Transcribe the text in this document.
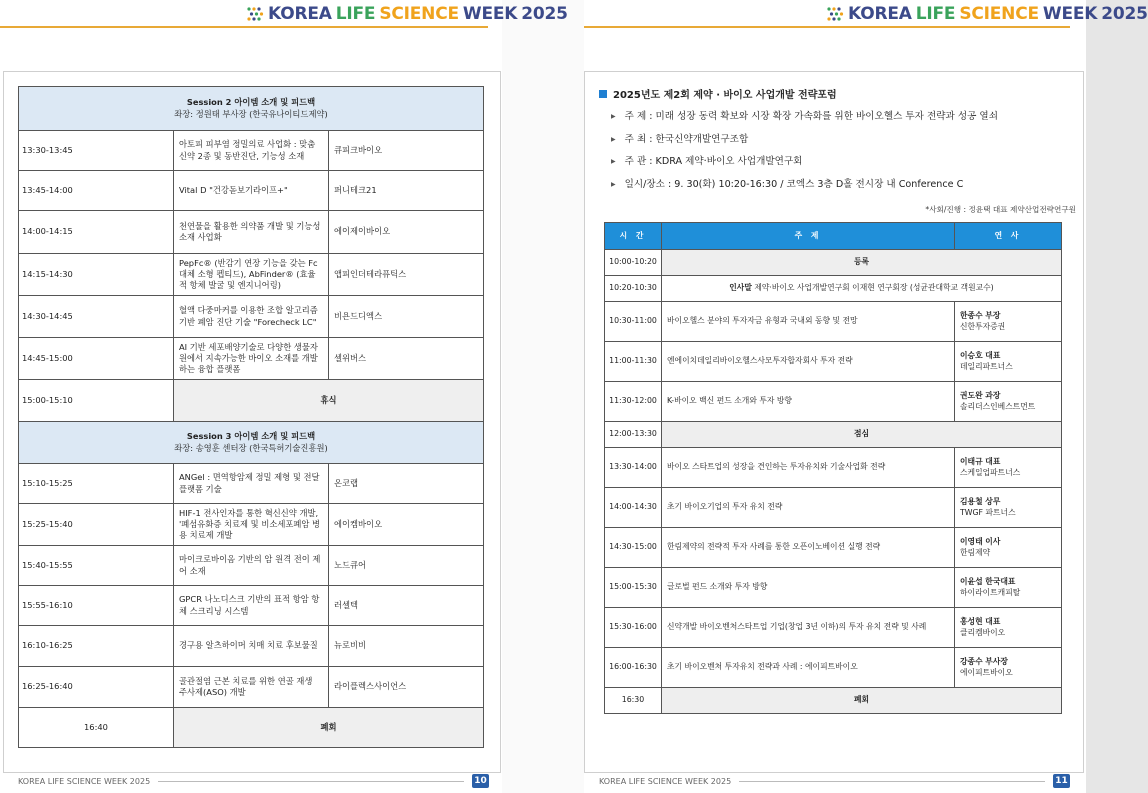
KOREA LIFE SCIENCE WEEK 2025
Session 2 아이템 소개 및 피드백
좌장: 정원태 부사장 (한국유나이티드제약)		

13:30-13:45	아토피 피부염 정밀의료 사업화 : 맞춤신약 2종 및 동반진단, 기능성 소재	큐피크바이오
13:45-14:00	Vital D "건강돋보기라이프+"	퍼니테크21
14:00-14:15	천연물을 활용한 의약품 개발 및 기능성 소재 사업화	에이제이바이오
14:15-14:30	PepFc® (반감기 연장 기능을 갖는 Fc 대체 소형 펩티드), AbFinder® (효율적 항체 발굴 및 엔지니어링)	앱피인더테라퓨틱스
14:30-14:45	혈액 다중마커를 이용한 조합 알고리즘 기반 폐암 진단 기술 "Forecheck LC"	비욘드디엑스
14:45-15:00	AI 기반 세포배양기술로 다양한 생물자원에서 지속가능한 바이오 소재를 개발하는 융합 플랫폼	셀위버스
15:00-15:10	휴식	

Session 3 아이템 소개 및 피드백
좌장: 송영훈 센터장 (한국특허기술진흥원)		

15:10-15:25	ANGel : 면역항암제 정밀 제형 및 전달 플랫폼 기술	온코랩
15:25-15:40	HIF-1 전사인자를 통한 혁신신약 개발, '폐섬유화증 치료제 및 비소세포폐암 병용 치료제 개발	에이켐바이오
15:40-15:55	마이크로바이옴 기반의 암 원격 전이 제어 소재	노드큐어
15:55-16:10	GPCR 나노디스크 기반의 표적 항암 항체 스크리닝 시스템	러셀텍
16:10-16:25	경구용 알츠하이머 치매 치료 후보물질	뉴로비비
16:25-16:40	골관절염 근본 치료를 위한 연골 재생 주사제(ASO) 개발	라이플렉스사이언스
16:40	폐회	
KOREA LIFE SCIENCE WEEK 2025	10
KOREA LIFE SCIENCE WEEK 2025
2025년도 제2회 제약 · 바이오 사업개발 전략포럼
▶ 주 제 : 미래 성장 동력 확보와 시장 확장 가속화를 위한 바이오헬스 투자 전략과 성공 열쇠
▶ 주 최 : 한국신약개발연구조합
▶ 주 관 : KDRA 제약·바이오 사업개발연구회
▶ 일시/장소 : 9. 30(화) 10:20-16:30 / 코엑스 3층 D홀 전시장 내 Conference C
*사회/진행 : 정윤택 대표 제약산업전략연구원
시 간	주 제	연 사
10:00-10:20	등록	
10:20-10:30	인사말 제약·바이오 사업개발연구회 이재현 연구회장 (성균관대학교 객원교수)	
10:30-11:00	바이오헬스 분야의 투자자금 유형과 국내외 동향 및 전망	한종수 부장
신한투자증권

11:00-11:30	엔에이치데일리바이오헬스사모투자합자회사 투자 전략	이승호 대표
데일리파트너스

11:30-12:00	K-바이오 백신 펀드 소개와 투자 방향	권도완 과장
솔리더스인베스트먼트

12:00-13:30	점심	
13:30-14:00	바이오 스타트업의 성장을 견인하는 투자유치와 기술사업화 전략	이태규 대표
스케일업파트너스

14:00-14:30	초기 바이오기업의 투자 유치 전략	김용철 상무
TWGF 파트너스

14:30-15:00	한림제약의 전략적 투자 사례를 통한 오픈이노베이션 실행 전략	이영태 이사
한림제약

15:00-15:30	글로벌 펀드 소개와 투자 방향	이윤섭 한국대표
하이라이트캐피탈

15:30-16:00	신약개발 바이오벤처스타트업 기업(창업 3년 이하)의 투자 유치 전략 및 사례	홍성현 대표
클리켐바이오

16:00-16:30	초기 바이오벤처 투자유치 전략과 사례 : 에이피트바이오	강종수 부사장
에이피트바이오

16:30	폐회	
KOREA LIFE SCIENCE WEEK 2025	11
